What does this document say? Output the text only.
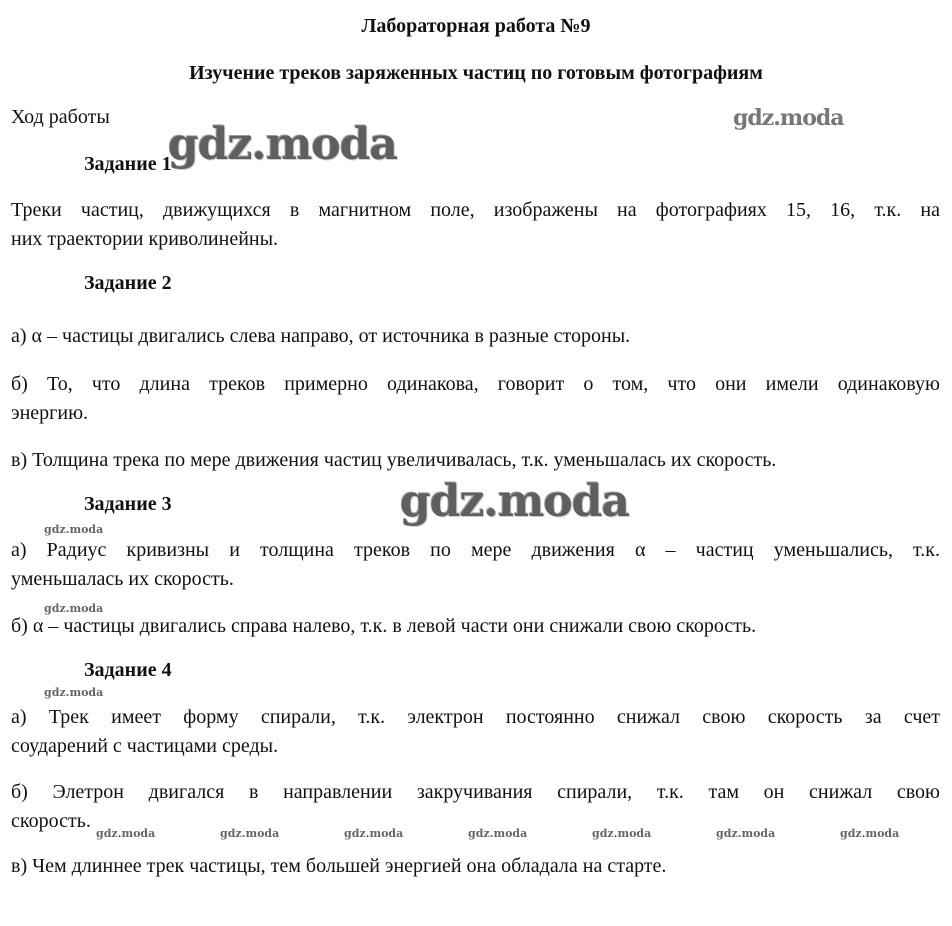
Лабораторная работа №9
Изучение треков заряженных частиц по готовым фотографиям
Ход работы
Задание 1
Треки частиц, движущихся в магнитном поле, изображены на фотографиях 15, 16, т.к. на
них траектории криволинейны.
Задание 2
а) α – частицы двигались слева направо, от источника в разные стороны.
б) То, что длина треков примерно одинакова, говорит о том, что они имели одинаковую
энергию.
в) Толщина трека по мере движения частиц увеличивалась, т.к. уменьшалась их скорость.
Задание 3
а) Радиус кривизны и толщина треков по мере движения α – частиц уменьшались, т.к.
уменьшалась их скорость.
б) α – частицы двигались справа налево, т.к. в левой части они снижали свою скорость.
Задание 4
а) Трек имеет форму спирали, т.к. электрон постоянно снижал свою скорость за счет
соударений с частицами среды.
б) Элетрон двигался в направлении закручивания спирали, т.к. там он снижал свою
скорость.
в) Чем длиннее трек частицы, тем большей энергией она обладала на старте.
gdz.moda
gdz.moda
gdz.moda
gdz.moda
gdz.moda
gdz.moda
gdz.moda	gdz.moda	gdz.moda	gdz.moda	gdz.moda	gdz.moda	gdz.moda
